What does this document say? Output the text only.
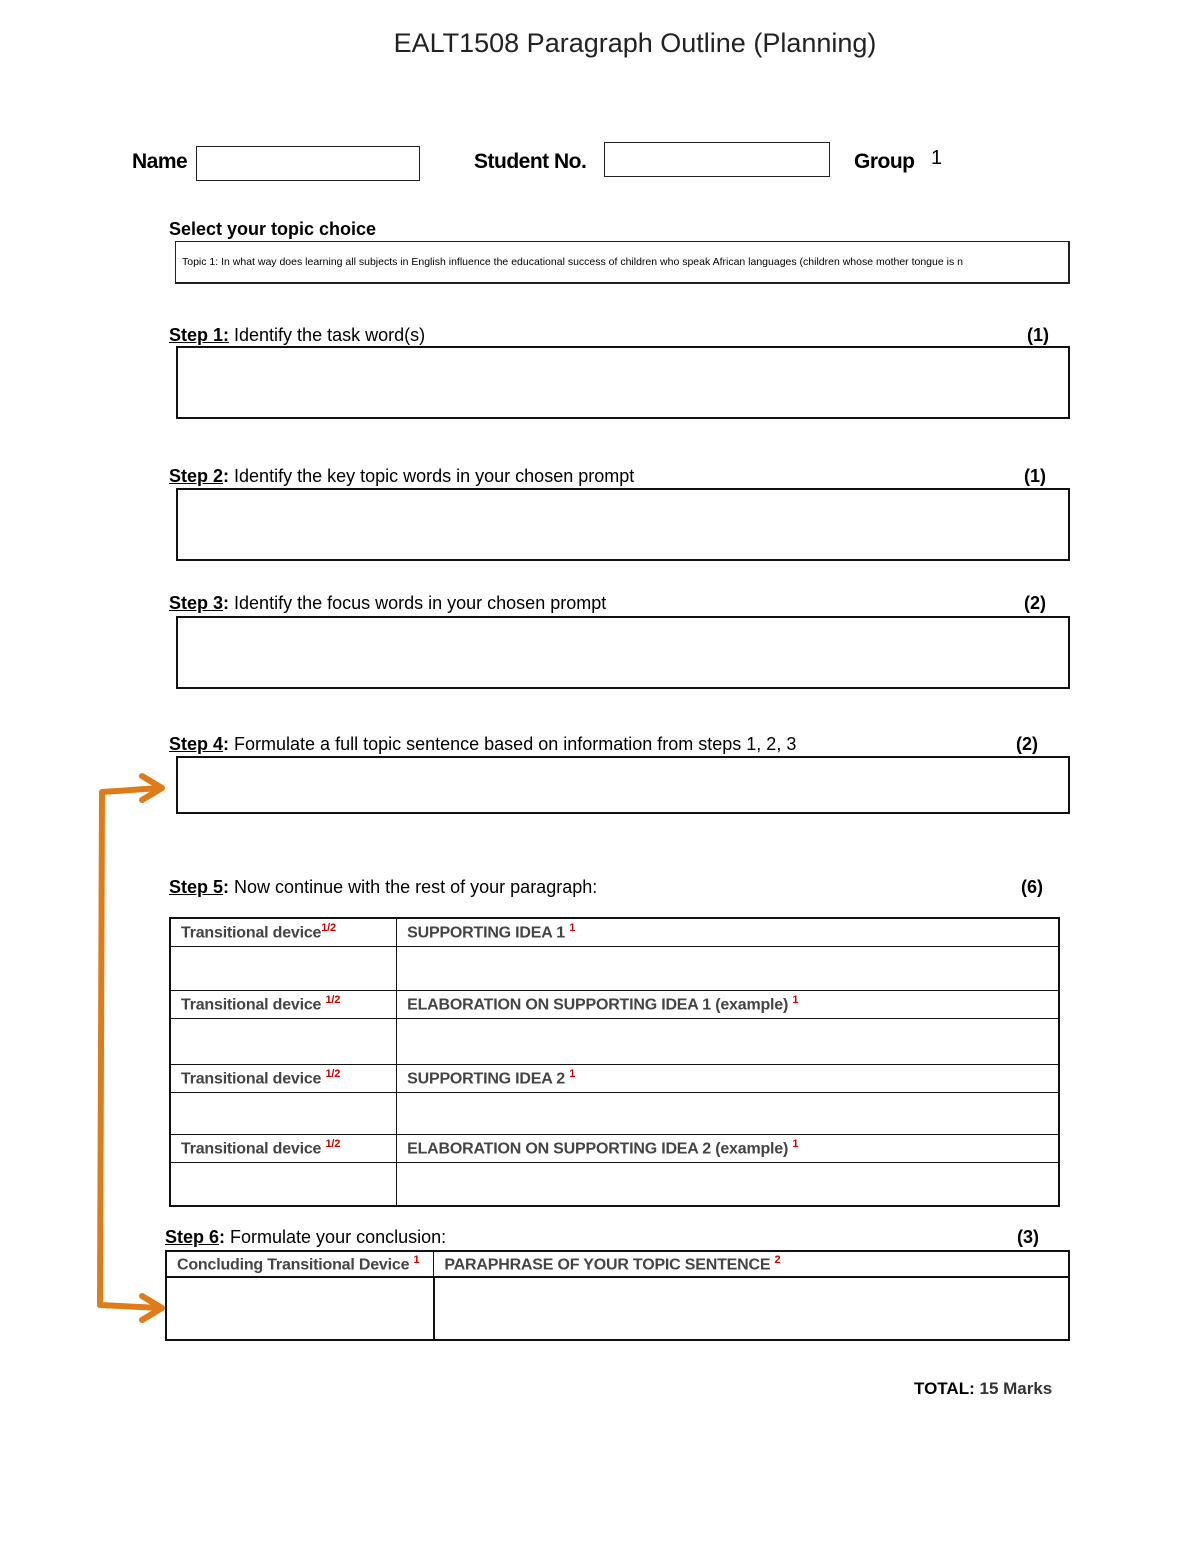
EALT1508 Paragraph Outline (Planning)
Name	Student No.	Group 1
Select your topic choice
Topic 1: In what way does learning all subjects in English influence the educational success of children who speak African languages (children whose mother tongue is n
Step 1: Identify the task word(s)	(1)
Step 2: Identify the key topic words in your chosen prompt	(1)
Step 3: Identify the focus words in your chosen prompt	(2)
Step 4: Formulate a full topic sentence based on information from steps 1, 2, 3	(2)
Step 5: Now continue with the rest of your paragraph:	(6)
Transitional device$^{1/2}$	SUPPORTING IDEA 1 $^1$

Transitional device $^{1/2}$	ELABORATION ON SUPPORTING IDEA 1 (example) $^1$

Transitional device $^{1/2}$	SUPPORTING IDEA 2 $^1$

Transitional device $^{1/2}$	ELABORATION ON SUPPORTING IDEA 2 (example) $^1$

Step 6: Formulate your conclusion:	(3)
Concluding Transitional Device $^1$	PARAPHRASE OF YOUR TOPIC SENTENCE $^2$

TOTAL: 15 Marks
